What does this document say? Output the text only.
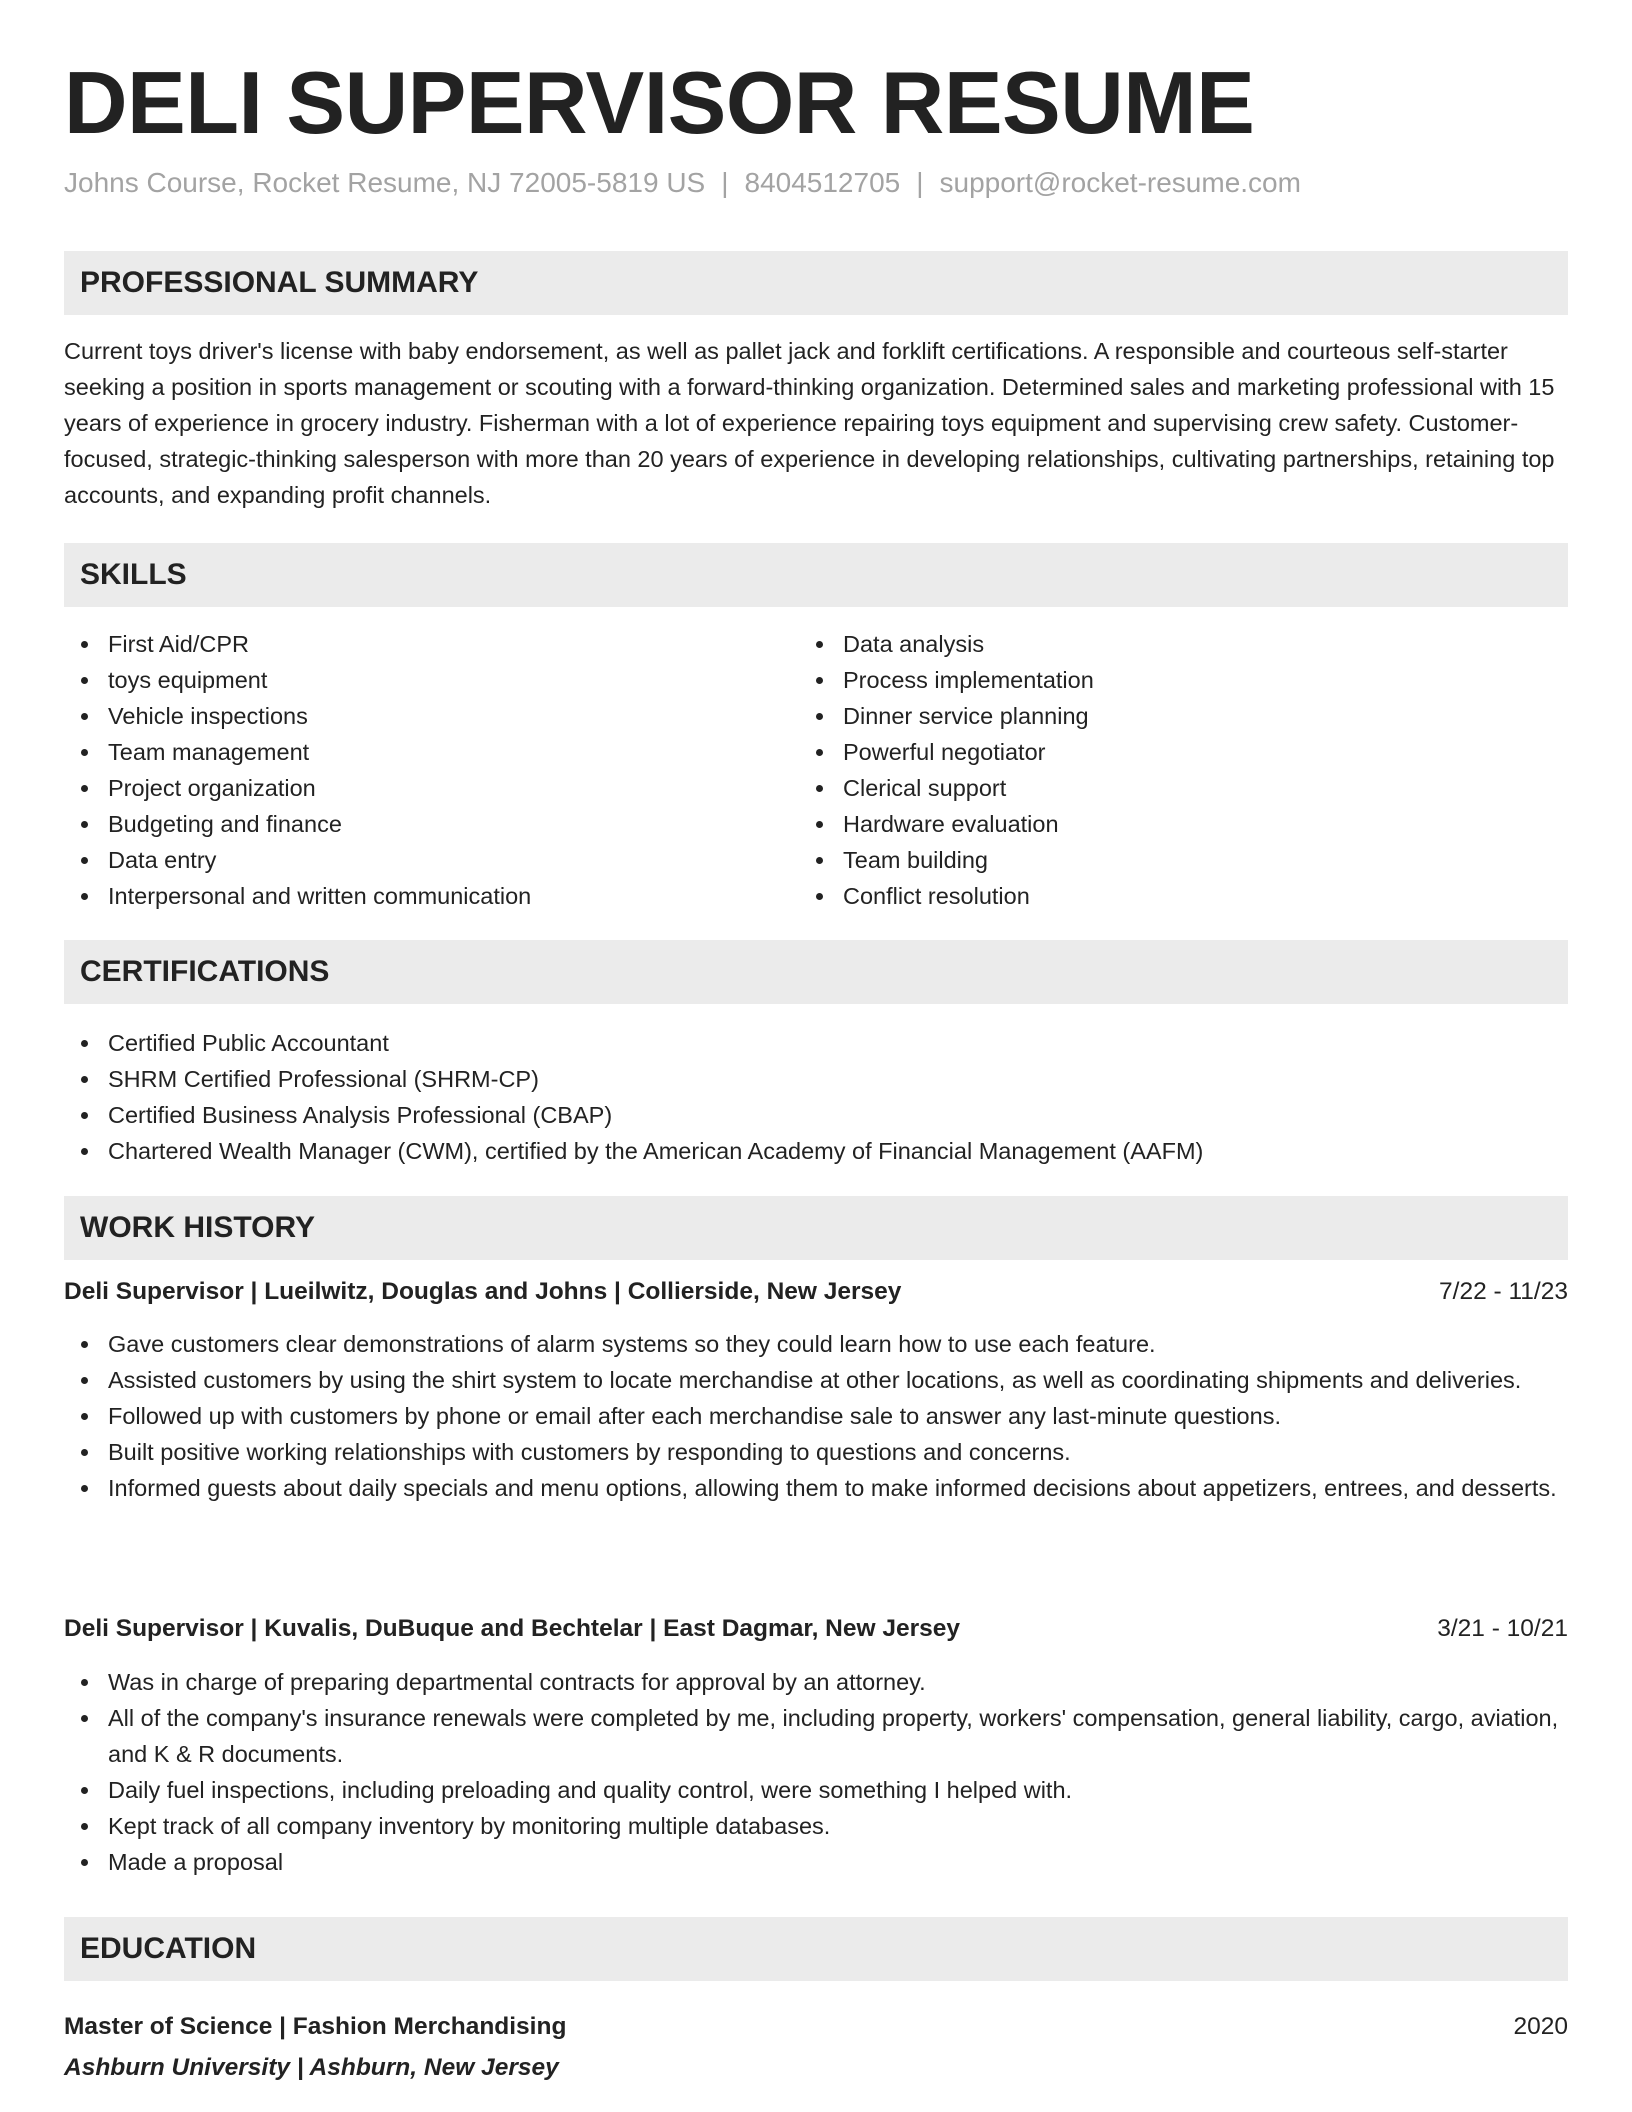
DELI SUPERVISOR RESUME
Johns Course, Rocket Resume, NJ 72005-5819 US | 8404512705 | support@rocket-resume.com
PROFESSIONAL SUMMARY

Current toys driver's license with baby endorsement, as well as pallet jack and forklift certifications. A responsible and courteous self-starter seeking a position in sports management or scouting with a forward-thinking organization. Determined sales and marketing professional with 15 years of experience in grocery industry. Fisherman with a lot of experience repairing toys equipment and supervising crew safety. Customer-focused, strategic-thinking salesperson with more than 20 years of experience in developing relationships, cultivating partnerships, retaining top accounts, and expanding profit channels.

SKILLS
First Aid/CPR
toys equipment
Vehicle inspections
Team management
Project organization
Budgeting and finance
Data entry
Interpersonal and written communication
Data analysis
Process implementation
Dinner service planning
Powerful negotiator
Clerical support
Hardware evaluation
Team building
Conflict resolution
CERTIFICATIONS
Certified Public Accountant
SHRM Certified Professional (SHRM-CP)
Certified Business Analysis Professional (CBAP)
Chartered Wealth Manager (CWM), certified by the American Academy of Financial Management (AAFM)
WORK HISTORY
Deli Supervisor | Lueilwitz, Douglas and Johns | Collierside, New Jersey	7/22 - 11/23
Gave customers clear demonstrations of alarm systems so they could learn how to use each feature.
Assisted customers by using the shirt system to locate merchandise at other locations, as well as coordinating shipments and deliveries.
Followed up with customers by phone or email after each merchandise sale to answer any last-minute questions.
Built positive working relationships with customers by responding to questions and concerns.
Informed guests about daily specials and menu options, allowing them to make informed decisions about appetizers, entrees, and desserts.
Deli Supervisor | Kuvalis, DuBuque and Bechtelar | East Dagmar, New Jersey	3/21 - 10/21
Was in charge of preparing departmental contracts for approval by an attorney.
All of the company's insurance renewals were completed by me, including property, workers' compensation, general liability, cargo, aviation, and K & R documents.
Daily fuel inspections, including preloading and quality control, were something I helped with.
Kept track of all company inventory by monitoring multiple databases.
Made a proposal
EDUCATION
Master of Science | Fashion Merchandising	2020
Ashburn University | Ashburn, New Jersey
